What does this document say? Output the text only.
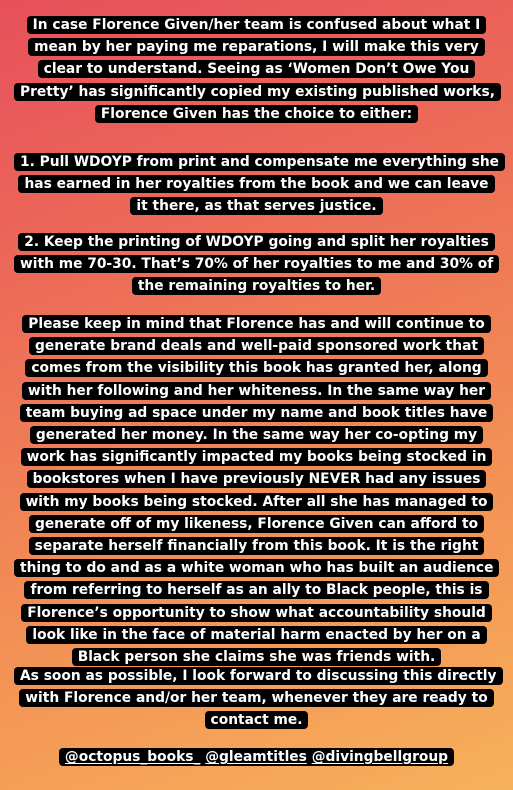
In case Florence Given/her team is confused about what I mean by her paying me reparations, I will make this very clear to understand. Seeing as ‘Women Don’t Owe You Pretty’ has significantly copied my existing published works, Florence Given has the choice to either:
1. Pull WDOYP from print and compensate me everything she has earned in her royalties from the book and we can leave it there, as that serves justice.
2. Keep the printing of WDOYP going and split her royalties with me 70-30. That’s 70% of her royalties to me and 30% of the remaining royalties to her.
Please keep in mind that Florence has and will continue to generate brand deals and well-paid sponsored work that comes from the visibility this book has granted her, along with her following and her whiteness. In the same way her team buying ad space under my name and book titles have generated her money. In the same way her co-opting my work has significantly impacted my books being stocked in bookstores when I have previously NEVER had any issues with my books being stocked. After all she has managed to generate off of my likeness, Florence Given can afford to separate herself financially from this book. It is the right thing to do and as a white woman who has built an audience from referring to herself as an ally to Black people, this is Florence’s opportunity to show what accountability should look like in the face of material harm enacted by her on a Black person she claims she was friends with.
As soon as possible, I look forward to discussing this directly with Florence and/or her team, whenever they are ready to contact me.
@octopus_books_ @gleamtitles @divingbellgroup
